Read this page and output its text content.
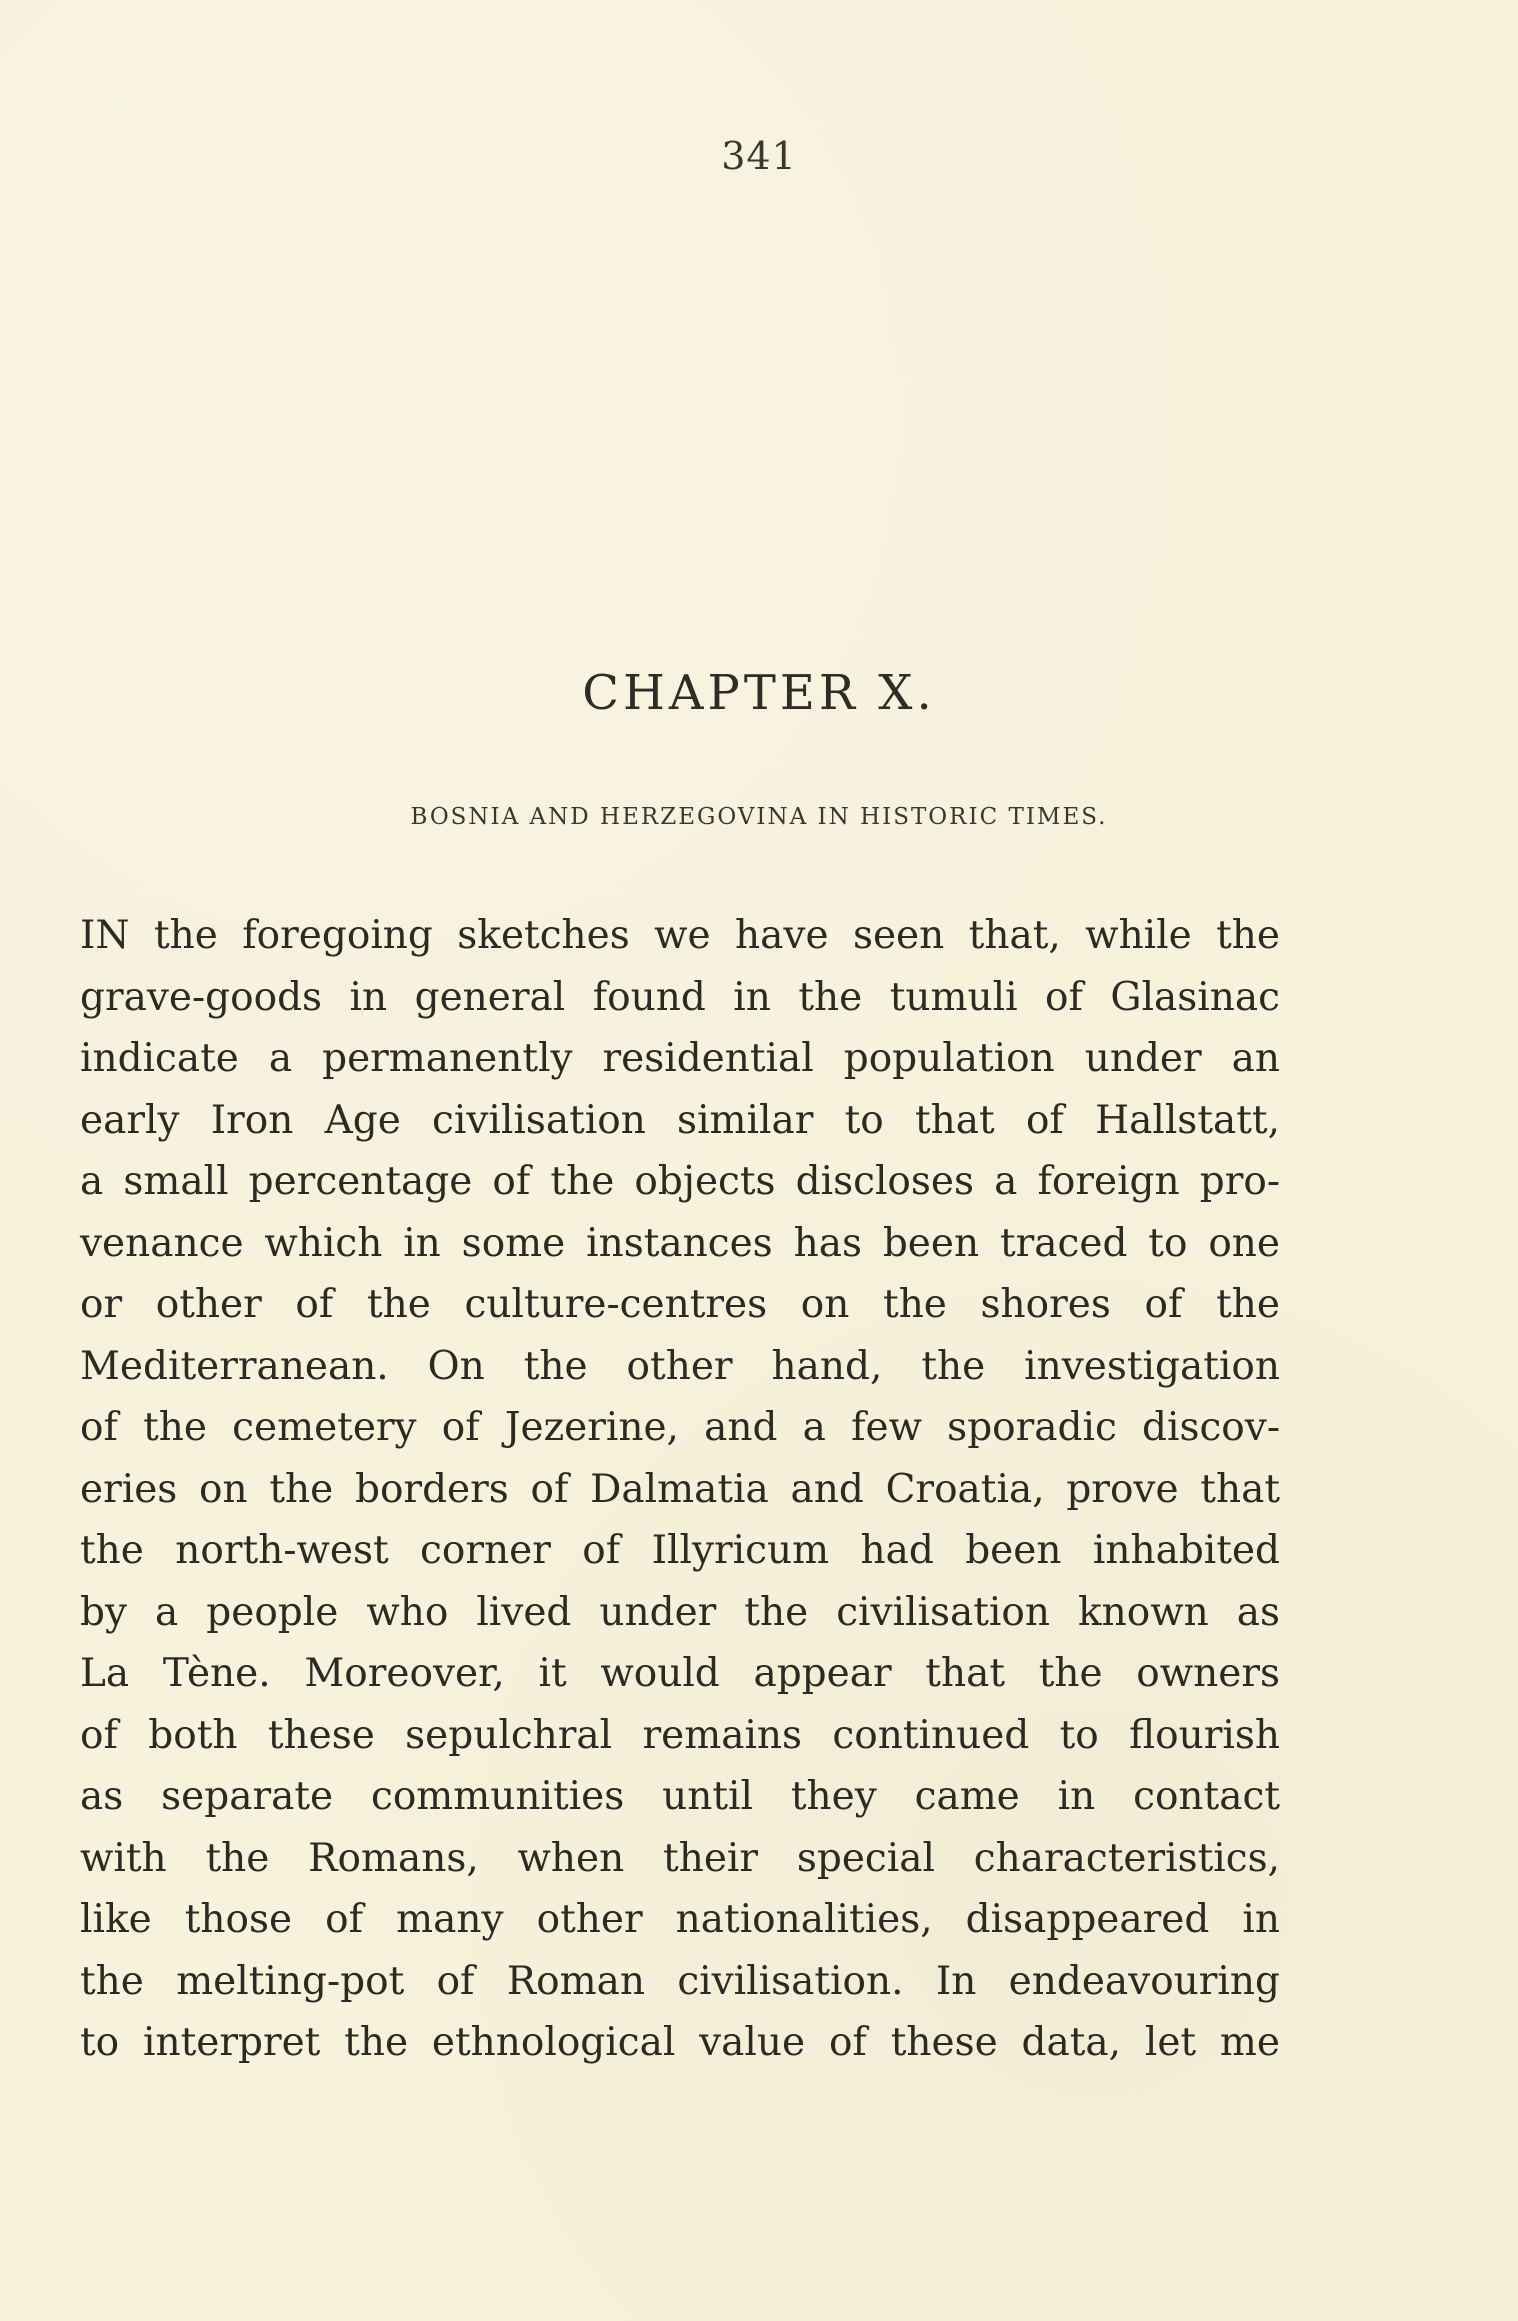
341
CHAPTER X.
BOSNIA AND HERZEGOVINA IN HISTORIC TIMES.
IN the foregoing sketches we have seen that, while the
grave-goods in general found in the tumuli of Glasinac
indicate a permanently residential population under an
early Iron Age civilisation similar to that of Hallstatt,
a small percentage of the objects discloses a foreign pro-
venance which in some instances has been traced to one
or other of the culture-centres on the shores of the
Mediterranean. On the other hand, the investigation
of the cemetery of Jezerine, and a few sporadic discov-
eries on the borders of Dalmatia and Croatia, prove that
the north-west corner of Illyricum had been inhabited
by a people who lived under the civilisation known as
La Tène. Moreover, it would appear that the owners
of both these sepulchral remains continued to flourish
as separate communities until they came in contact
with the Romans, when their special characteristics,
like those of many other nationalities, disappeared in
the melting-pot of Roman civilisation. In endeavouring
to interpret the ethnological value of these data, let me
